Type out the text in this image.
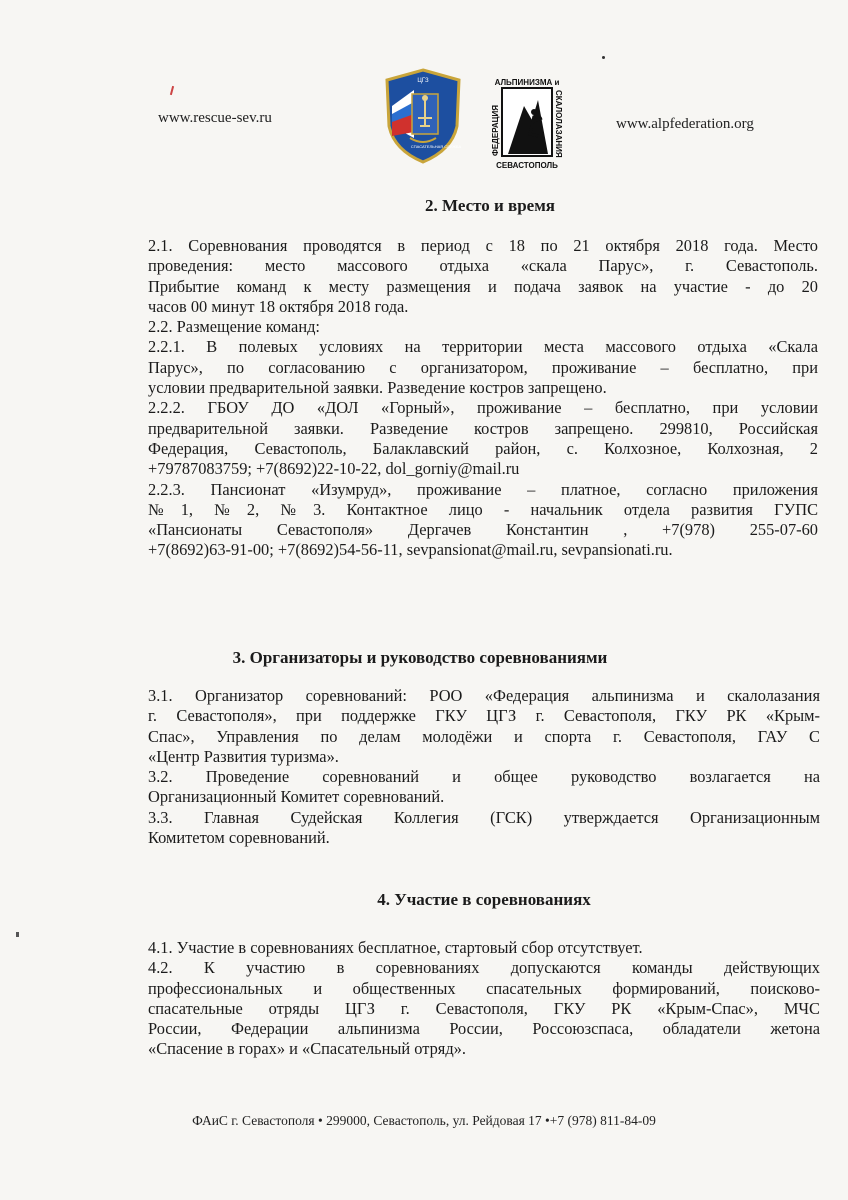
www.rescue-sev.ru	www.alpfederation.org
ЦГЗ
СПАСАТЕЛЬНАЯ СЛУЖБА
АЛЬПИНИЗМА и
СЕВАСТОПОЛЬ
ФЕДЕРАЦИЯ	СКАЛОЛАЗАНИЯ
2. Место и время
2.1. Соревнования проводятся в период с 18 по 21 октября 2018 года. Место
проведения: место массового отдыха «скала Парус», г. Севастополь.
Прибытие команд к месту размещения и подача заявок на участие - до 20
часов 00 минут 18 октября 2018 года.
2.2. Размещение команд:
2.2.1. В полевых условиях на территории места массового отдыха «Скала
Парус», по согласованию с организатором, проживание – бесплатно, при
условии предварительной заявки. Разведение костров запрещено.
2.2.2. ГБОУ ДО «ДОЛ «Горный», проживание – бесплатно, при условии
предварительной заявки. Разведение костров запрещено. 299810, Российская
Федерация, Севастополь, Балаклавский район, с. Колхозное, Колхозная, 2
+79787083759; +7(8692)22-10-22, dol_gorniy@mail.ru
2.2.3. Пансионат «Изумруд», проживание – платное, согласно приложения
№1, №2, №3. Контактное лицо - начальник отдела развития ГУПС
«Пансионаты Севастополя» Дергачев Константин , +7(978) 255-07-60
+7(8692)63-91-00; +7(8692)54-56-11, sevpansionat@mail.ru, sevpansionati.ru.
3. Организаторы и руководство соревнованиями
3.1. Организатор соревнований: РОО «Федерация альпинизма и скалолазания
г. Севастополя», при поддержке ГКУ ЦГЗ г. Севастополя, ГКУ РК «Крым-
Спас», Управления по делам молодёжи и спорта г. Севастополя, ГАУ С
«Центр Развития туризма».
3.2. Проведение соревнований и общее руководство возлагается на
Организационный Комитет соревнований.
3.3. Главная Судейская Коллегия (ГСК) утверждается Организационным
Комитетом соревнований.
4. Участие в соревнованиях
4.1. Участие в соревнованиях бесплатное, стартовый сбор отсутствует.
4.2. К участию в соревнованиях допускаются команды действующих
профессиональных и общественных спасательных формирований, поисково-
спасательные отряды ЦГЗ г. Севастополя, ГКУ РК «Крым-Спас», МЧС
России, Федерации альпинизма России, Россоюзспаса, обладатели жетона
«Спасение в горах» и «Спасательный отряд».
ФАиС г. Севастополя • 299000, Севастополь, ул. Рейдовая 17 •+7 (978) 811-84-09
